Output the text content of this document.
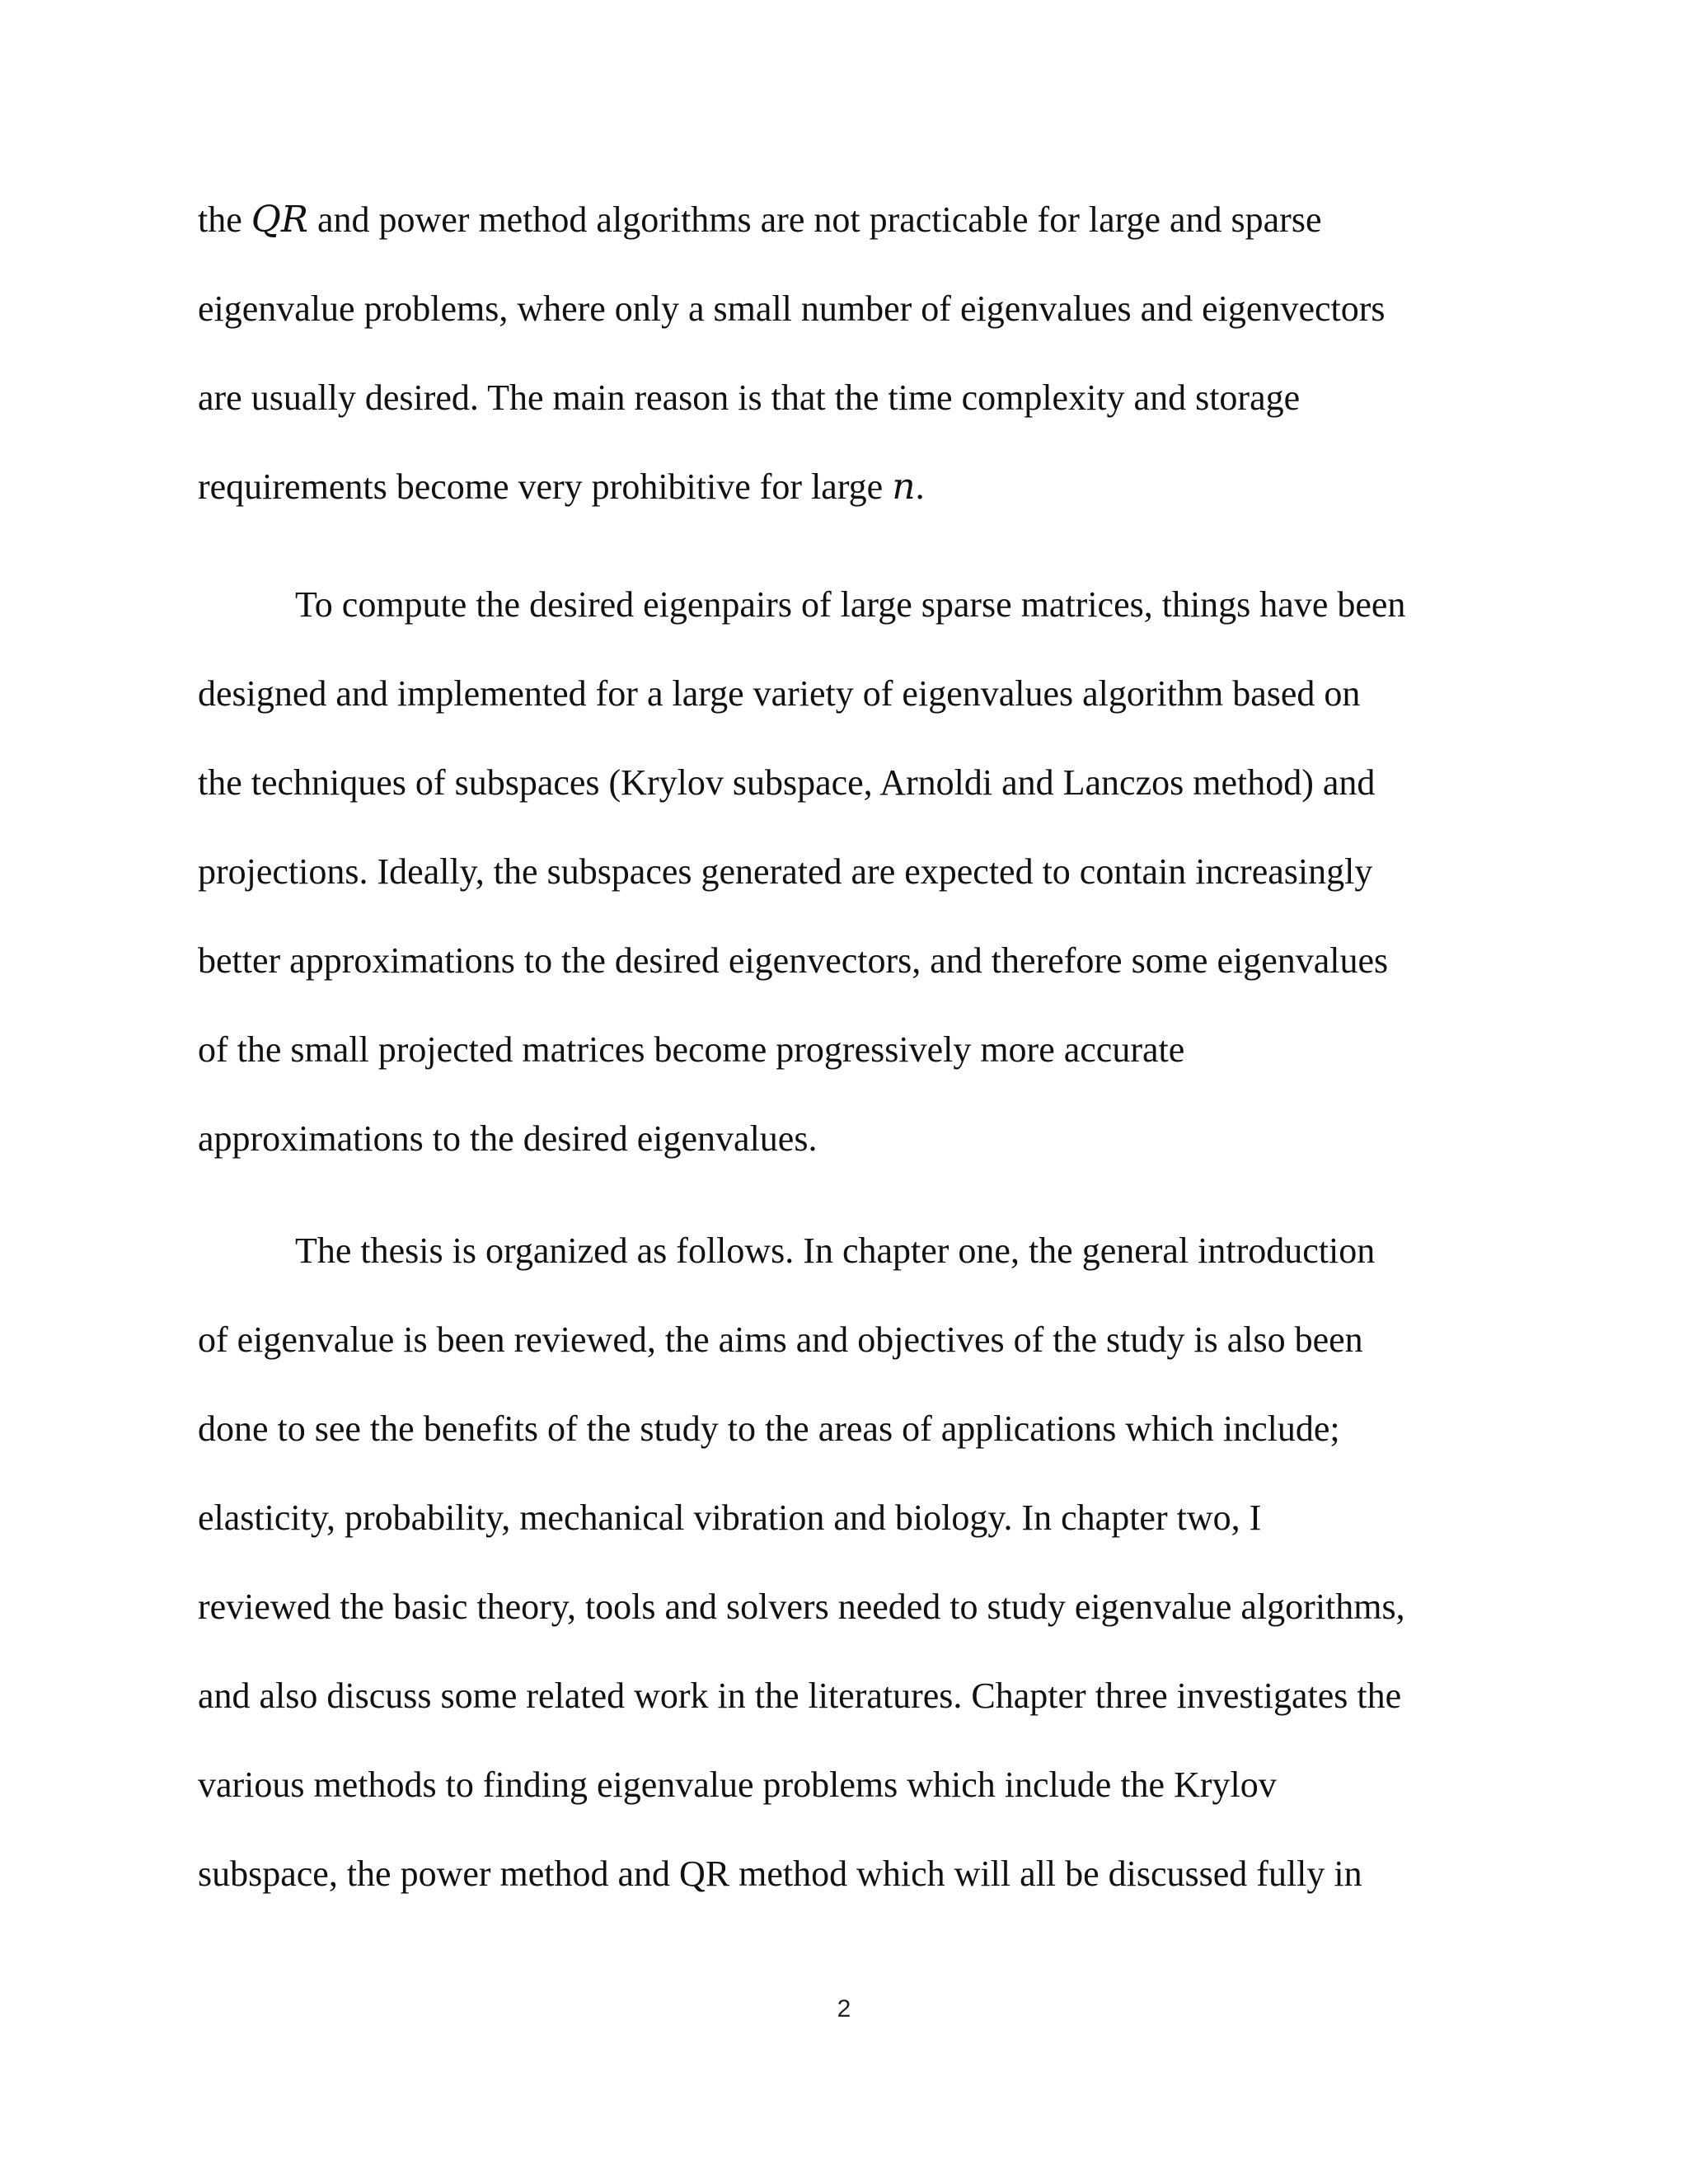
the QR and power method algorithms are not practicable for large and sparse
eigenvalue problems, where only a small number of eigenvalues and eigenvectors
are usually desired. The main reason is that the time complexity and storage
requirements become very prohibitive for large n.
To compute the desired eigenpairs of large sparse matrices, things have been
designed and implemented for a large variety of eigenvalues algorithm based on
the techniques of subspaces (Krylov subspace, Arnoldi and Lanczos method) and
projections. Ideally, the subspaces generated are expected to contain increasingly
better approximations to the desired eigenvectors, and therefore some eigenvalues
of the small projected matrices become progressively more accurate
approximations to the desired eigenvalues.
The thesis is organized as follows. In chapter one, the general introduction
of eigenvalue is been reviewed, the aims and objectives of the study is also been
done to see the benefits of the study to the areas of applications which include;
elasticity, probability, mechanical vibration and biology. In chapter two, I
reviewed the basic theory, tools and solvers needed to study eigenvalue algorithms,
and also discuss some related work in the literatures. Chapter three investigates the
various methods to finding eigenvalue problems which include the Krylov
subspace, the power method and QR method which will all be discussed fully in
2
